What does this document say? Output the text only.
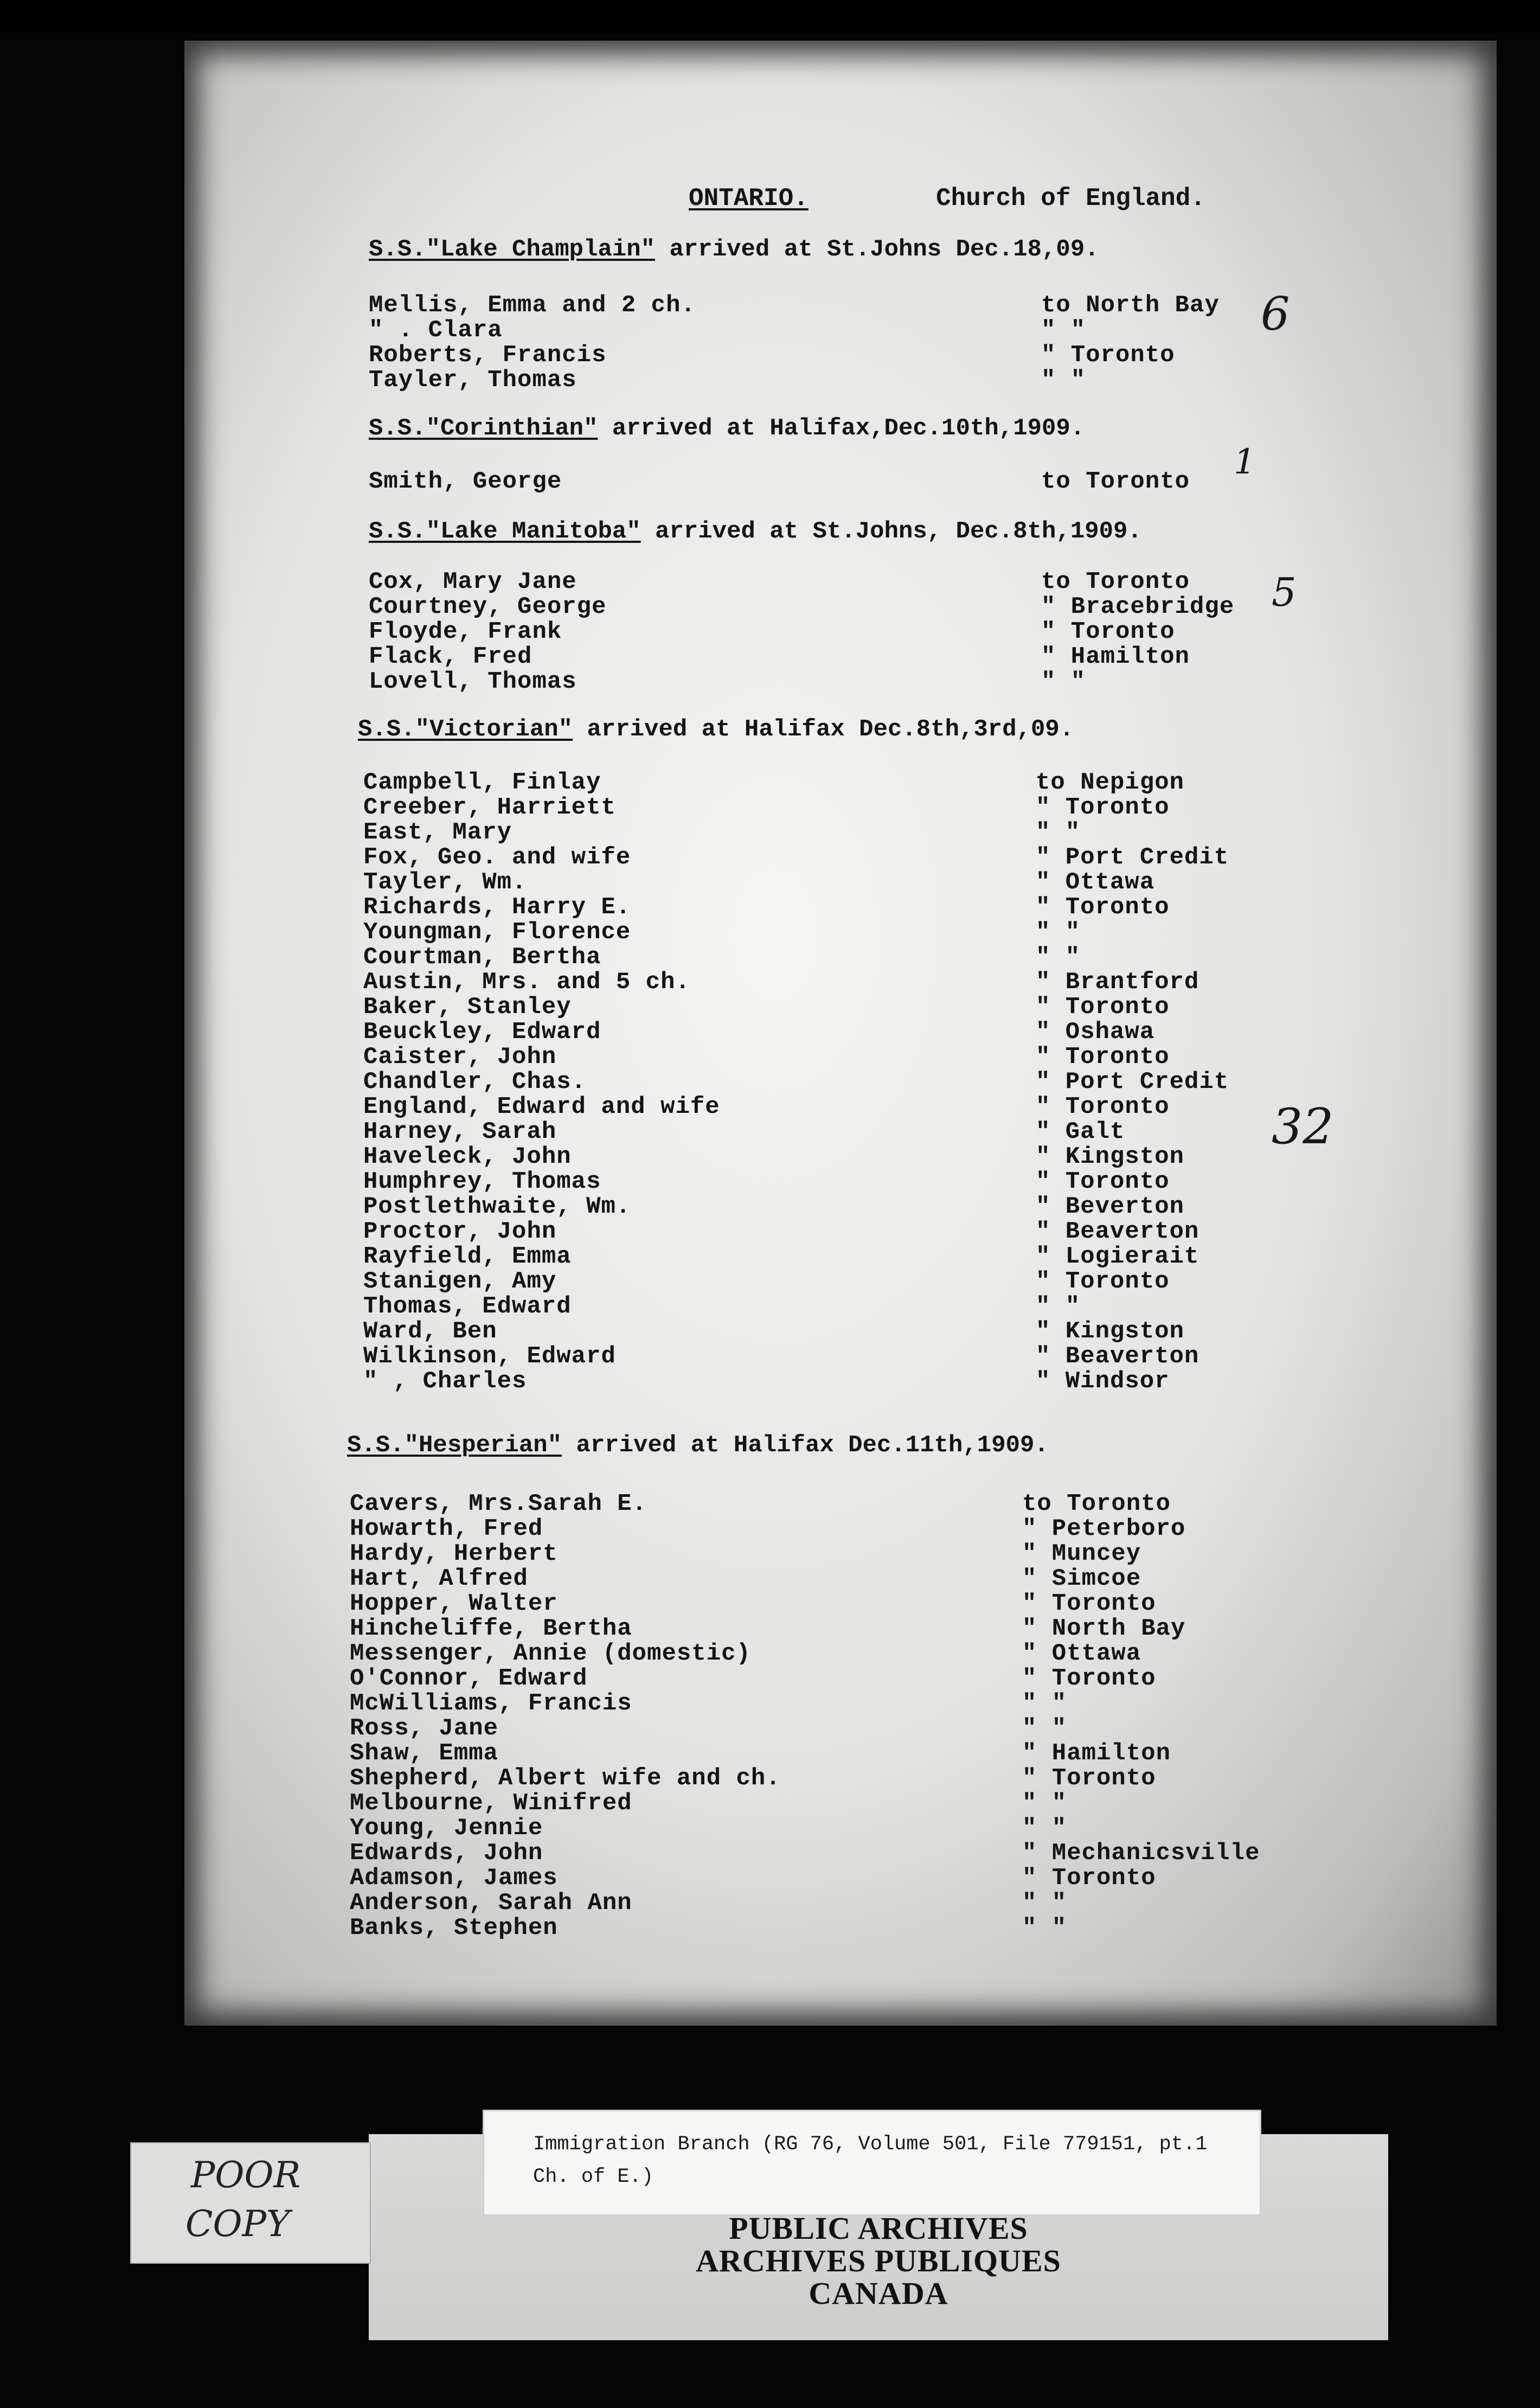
ONTARIO.	Church of England.
S.S."Lake Champlain" arrived at St.Johns Dec.18,09.
Mellis, Emma and 2 ch.	to North Bay
" . Clara	" "
Roberts, Francis	" Toronto
Tayler, Thomas	" "
6
S.S."Corinthian" arrived at Halifax,Dec.10th,1909.
Smith, George	to Toronto 1
S.S."Lake Manitoba" arrived at St.Johns, Dec.8th,1909.
Cox, Mary Jane	to Toronto
Courtney, George	" Bracebridge
Floyde, Frank	" Toronto
Flack, Fred	" Hamilton
Lovell, Thomas	" "
5
S.S."Victorian" arrived at Halifax Dec.8th,3rd,09.
Campbell, Finlay	to Nepigon
Creeber, Harriett	" Toronto
East, Mary	" "
Fox, Geo. and wife	" Port Credit
Tayler, Wm.	" Ottawa
Richards, Harry E.	" Toronto
Youngman, Florence	" "
Courtman, Bertha	" "
Austin, Mrs. and 5 ch.	" Brantford
Baker, Stanley	" Toronto
Beuckley, Edward	" Oshawa
Caister, John	" Toronto
Chandler, Chas.	" Port Credit
England, Edward and wife	" Toronto
Harney, Sarah	" Galt
Haveleck, John	" Kingston
Humphrey, Thomas	" Toronto
Postlethwaite, Wm.	" Beverton
Proctor, John	" Beaverton
Rayfield, Emma	" Logierait
Stanigen, Amy	" Toronto
Thomas, Edward	" "
Ward, Ben	" Kingston
Wilkinson, Edward	" Beaverton
" , Charles	" Windsor
32
S.S."Hesperian" arrived at Halifax Dec.11th,1909.
Cavers, Mrs.Sarah E.	to Toronto
Howarth, Fred	" Peterboro
Hardy, Herbert	" Muncey
Hart, Alfred	" Simcoe
Hopper, Walter	" Toronto
Hincheliffe, Bertha	" North Bay
Messenger, Annie (domestic)	" Ottawa
O'Connor, Edward	" Toronto
McWilliams, Francis	" "
Ross, Jane	" "
Shaw, Emma	" Hamilton
Shepherd, Albert wife and ch.	" Toronto
Melbourne, Winifred	" "
Young, Jennie	" "
Edwards, John	" Mechanicsville
Adamson, James	" Toronto
Anderson, Sarah Ann	" "
Banks, Stephen	" "
Immigration Branch (RG 76, Volume 501, File 779151, pt.1
Ch. of E.)
PUBLIC ARCHIVES
ARCHIVES PUBLIQUES
CANADA
POOR
COPY
